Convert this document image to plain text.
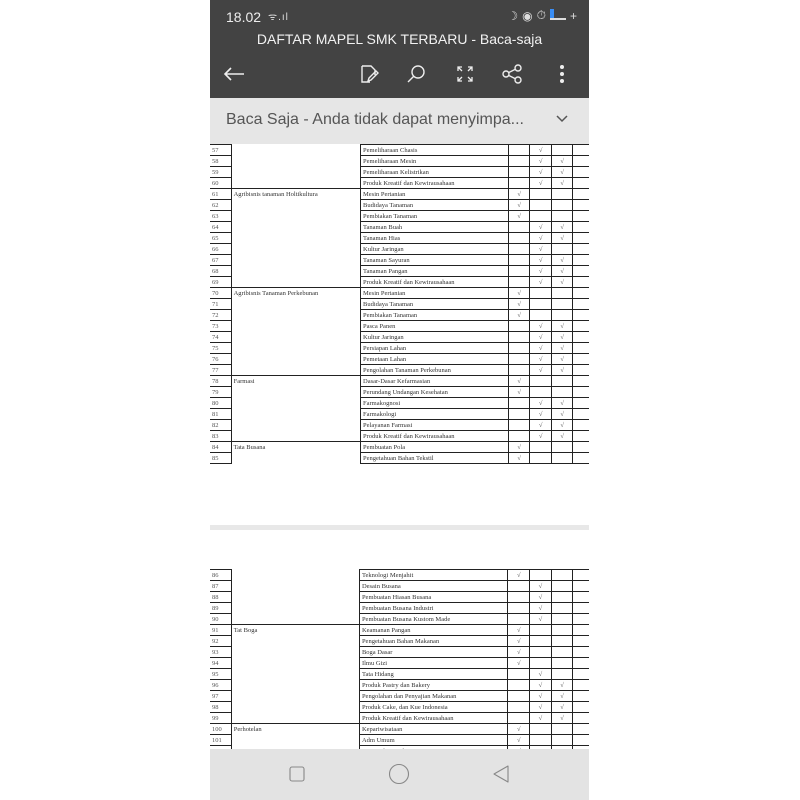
18.02 ᯤ.ıl	☽ ◉ ⏱ +
DAFTAR MAPEL SMK TERBARU - Baca-saja
Baca Saja - Anda tidak dapat menyimpa...
57		Pemeliharaan Chasis		√		
58		Pemeliharaan Mesin		√	√	
59		Pemeliharaan Kelistrikan		√	√	
60		Produk Kreatif dan Kewirausahaan		√	√	
61	Agribisnis tanaman Holtikultura	Mesin Pertanian	√			
62		Budidaya Tanaman	√			
63		Pembiakan Tanaman	√			
64		Tanaman Buah		√	√	
65		Tanaman Hias		√	√	
66		Kultur Jaringan		√		
67		Tanaman Sayuran		√	√	
68		Tanaman Pangan		√	√	
69		Produk Kreatif dan Kewirausahaan		√	√	
70	Agribisnis Tanaman Perkebunan	Mesin Pertanian	√			
71		Budidaya Tanaman	√			
72		Pembiakan Tanaman	√			
73		Pasca Panen		√	√	
74		Kultur Jaringan		√	√	
75		Persiapan Lahan		√	√	
76		Pemetaan Lahan		√	√	
77		Pengolahan Tanaman Perkebunan		√	√	
78	Farmasi	Dasar-Dasar Kefarmasian	√			
79		Perundang Undangan Kesehatan	√			
80		Farmakognosi		√	√	
81		Farmakologi		√	√	
82		Pelayanan Farmasi		√	√	
83		Produk Kreatif dan Kewirausahaan		√	√	
84	Tata Busana	Pembuatan Pola	√			
85		Pengetahuan Bahan Tekstil	√			
86		Teknologi Menjahit	√			
87		Desain Busana		√		
88		Pembuatan Hiasan Busana		√		
89		Pembuatan Busana Industri		√		
90		Pembuatan Busana Kustom Made		√		
91	Tat Boga	Keamanan Pangan	√			
92		Pengetahuan Bahan Makanan	√			
93		Boga Dasar	√			
94		Ilmu Gizi	√			
95		Tata Hidang		√		
96		Produk Pastry dan Bakery		√	√	
97		Pengolahan dan Penyajian Makanan		√	√	
98		Produk Cake, dan Kue Indonesia		√	√	
99		Produk Kreatif dan Kewirausahaan		√	√	
100	Perhotelan	Kepariwisataan	√			
101		Adm Umum	√			
